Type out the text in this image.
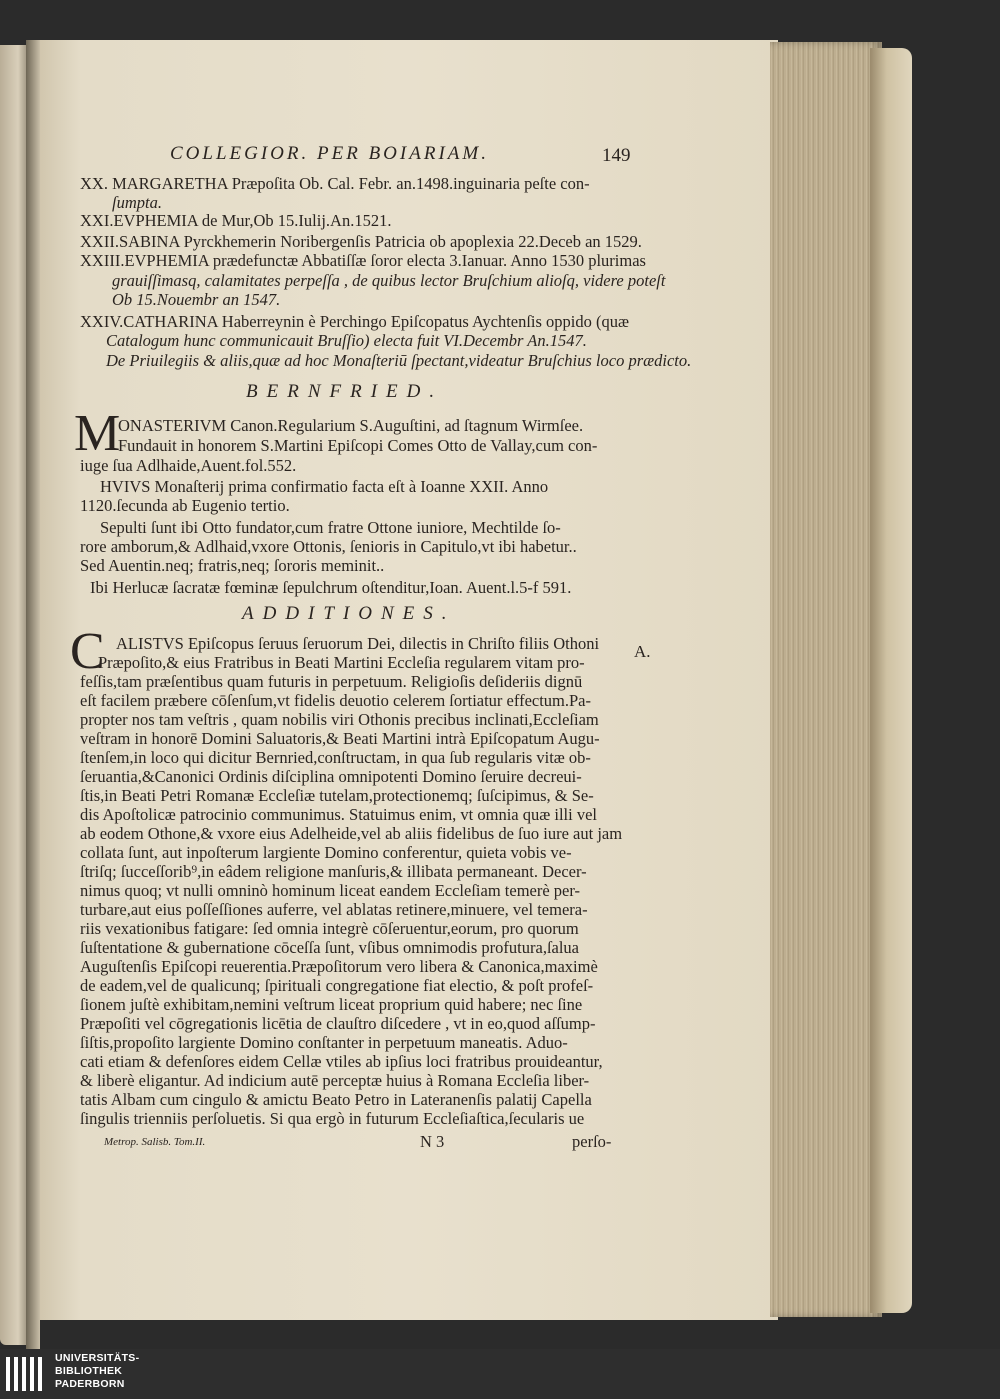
COLLEGIOR. PER BOIARIAM.	149
XX. MARGARETHA Præpoſita Ob. Cal. Febr. an.1498.inguinaria peſte con-
ſumpta.
XXI.EVPHEMIA de Mur,Ob 15.Iulij.An.1521.
XXII.SABINA Pyrckhemerin Noribergenſis Patricia ob apoplexia 22.Deceb an 1529.
XXIII.EVPHEMIA prædefunctæ Abbatiſſæ ſoror electa 3.Ianuar. Anno 1530 plurimas
grauiſſimasq, calamitates perpeſſa , de quibus lector Bruſchium alioſq, videre poteſt
Ob 15.Nouembr an 1547.
XXIV.CATHARINA Haberreynin è Perchingo Epiſcopatus Aychtenſis oppido (quæ
Catalogum hunc communicauit Bruſſio) electa fuit VI.Decembr An.1547.
De Priuilegiis & aliis,quæ ad hoc Monaſteriū ſpectant,videatur Bruſchius loco prædicto.
BERNFRIED.
M
ONASTERIVM Canon.Regularium S.Auguſtini, ad ſtagnum Wirmſee.
Fundauit in honorem S.Martini Epiſcopi Comes Otto de Vallay,cum con-
iuge ſua Adlhaide,Auent.fol.552.
HVIVS Monaſterij prima confirmatio facta eſt à Ioanne XXII. Anno
1120.ſecunda ab Eugenio tertio.
Sepulti ſunt ibi Otto fundator,cum fratre Ottone iuniore, Mechtilde ſo-
rore amborum,& Adlhaid,vxore Ottonis, ſenioris in Capitulo,vt ibi habetur..
Sed Auentin.neq; fratris,neq; ſororis meminit..
Ibi Herlucæ ſacratæ fœminæ ſepulchrum oſtenditur,Ioan. Auent.l.5-f 591.
ADDITIONES.
C	A.
ALISTVS Epiſcopus ſeruus ſeruorum Dei, dilectis in Chriſto filiis Othoni
Præpoſito,& eius Fratribus in Beati Martini Eccleſia regularem vitam pro-
feſſis,tam præſentibus quam futuris in perpetuum. Religioſis deſideriis dignū
eſt facilem præbere cōſenſum,vt fidelis deuotio celerem ſortiatur effectum.Pa-
propter nos tam veſtris , quam nobilis viri Othonis precibus inclinati,Eccleſiam
veſtram in honorē Domini Saluatoris,& Beati Martini intrà Epiſcopatum Augu-
ſtenſem,in loco qui dicitur Bernried,conſtructam, in qua ſub regularis vitæ ob-
ſeruantia,&Canonici Ordinis diſciplina omnipotenti Domino ſeruire decreui-
ſtis,in Beati Petri Romanæ Eccleſiæ tutelam,protectionemq; ſuſcipimus, & Se-
dis Apoſtolicæ patrocinio communimus. Statuimus enim, vt omnia quæ illi vel
ab eodem Othone,& vxore eius Adelheide,vel ab aliis fidelibus de ſuo iure aut jam
collata ſunt, aut inpoſterum largiente Domino conferentur, quieta vobis ve-
ſtriſq; ſucceſſorib⁹,in eâdem religione manſuris,& illibata permaneant. Decer-
nimus quoq; vt nulli omninò hominum liceat eandem Eccleſiam temerè per-
turbare,aut eius poſſeſſiones auferre, vel ablatas retinere,minuere, vel temera-
riis vexationibus fatigare: ſed omnia integrè cōſeruentur,eorum, pro quorum
ſuſtentatione & gubernatione cōceſſa ſunt, vſibus omnimodis profutura,ſalua
Auguſtenſis Epiſcopi reuerentia.Præpoſitorum vero libera & Canonica,maximè
de eadem,vel de qualicunq; ſpirituali congregatione fiat electio, & poſt profeſ-
ſionem juſtè exhibitam,nemini veſtrum liceat proprium quid habere; nec ſine
Præpoſiti vel cōgregationis licētia de clauſtro diſcedere , vt in eo,quod aſſump-
ſiſtis,propoſito largiente Domino conſtanter in perpetuum maneatis. Aduo-
cati etiam & defenſores eidem Cellæ vtiles ab ipſius loci fratribus prouideantur,
& liberè eligantur. Ad indicium autē perceptæ huius à Romana Eccleſia liber-
tatis Albam cum cingulo & amictu Beato Petro in Lateranenſis palatij Capella
ſingulis trienniis perſoluetis. Si qua ergò in futurum Eccleſiaſtica,ſecularis ue
Metrop. Salisb. Tom.II.	N 3	perſo-
UNIVERSITÄTS-
BIBLIOTHEK
PADERBORN
